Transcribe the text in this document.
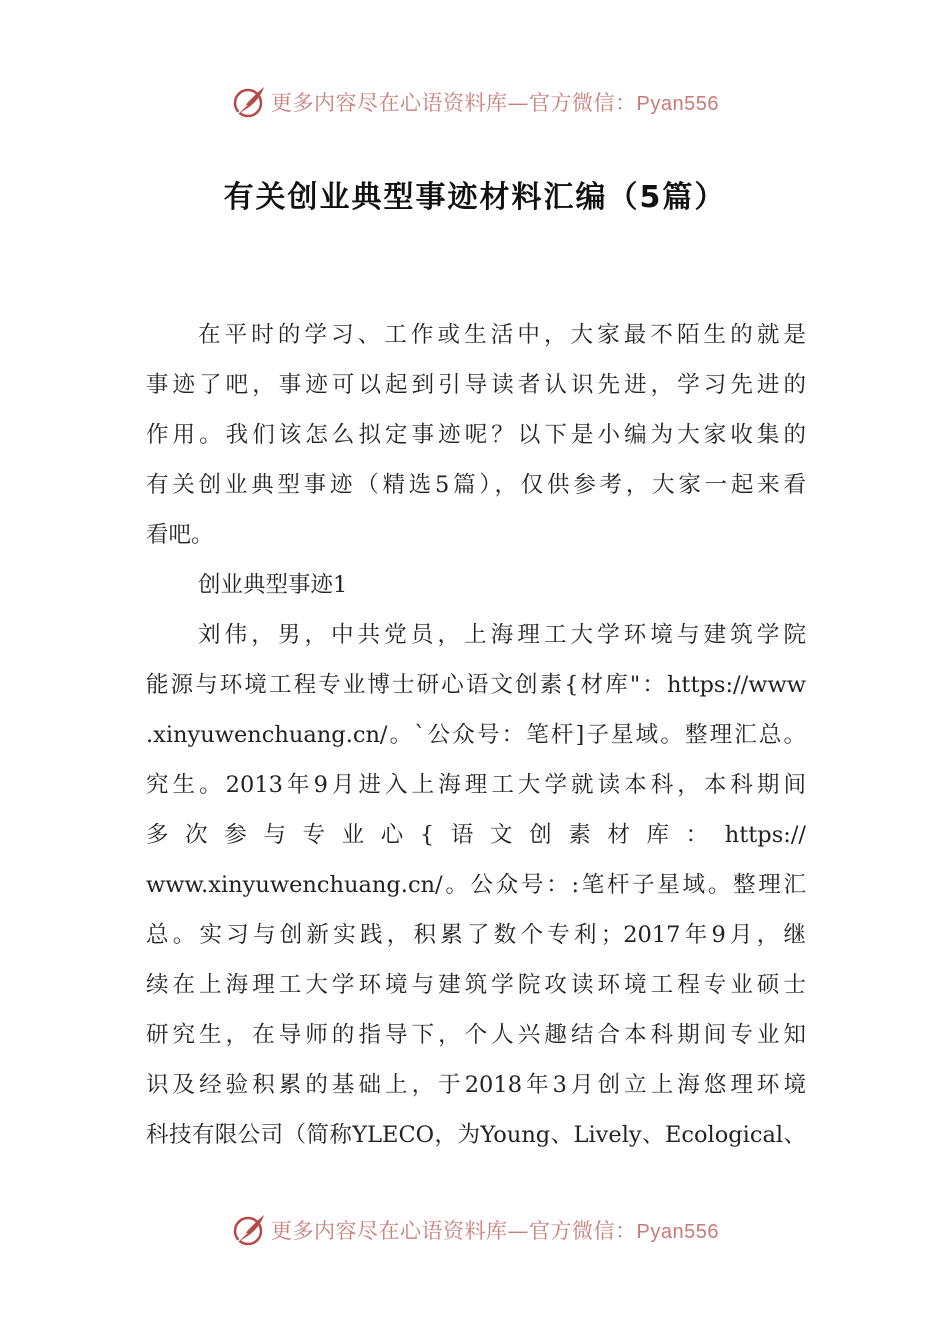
更多内容尽在心语资料库—官方微信：Pyan556
有关创业典型事迹材料汇编（5篇）
在平时的学习、工作或生活中，大家最不陌生的就是
事迹了吧，事迹可以起到引导读者认识先进，学习先进的
作用。我们该怎么拟定事迹呢？以下是小编为大家收集的
有关创业典型事迹（精选5篇），仅供参考，大家一起来看
看吧。
创业典型事迹1
刘伟，男，中共党员，上海理工大学环境与建筑学院
能源与环境工程专业博士研心语文创素{材库"：https://www
.xinyuwenchuang.cn/。`公众号：笔杆]子星域。整理汇总。
究生。2013年9月进入上海理工大学就读本科，本科期间
多次参与专业心{语文创素材库：https://
www.xinyuwenchuang.cn/。公众号：:笔杆子星域。整理汇
总。实习与创新实践，积累了数个专利；2017年9月，继
续在上海理工大学环境与建筑学院攻读环境工程专业硕士
研究生，在导师的指导下，个人兴趣结合本科期间专业知
识及经验积累的基础上，于2018年3月创立上海悠理环境
科技有限公司（简称YLECO，为Young、Lively、Ecological、
更多内容尽在心语资料库—官方微信：Pyan556
